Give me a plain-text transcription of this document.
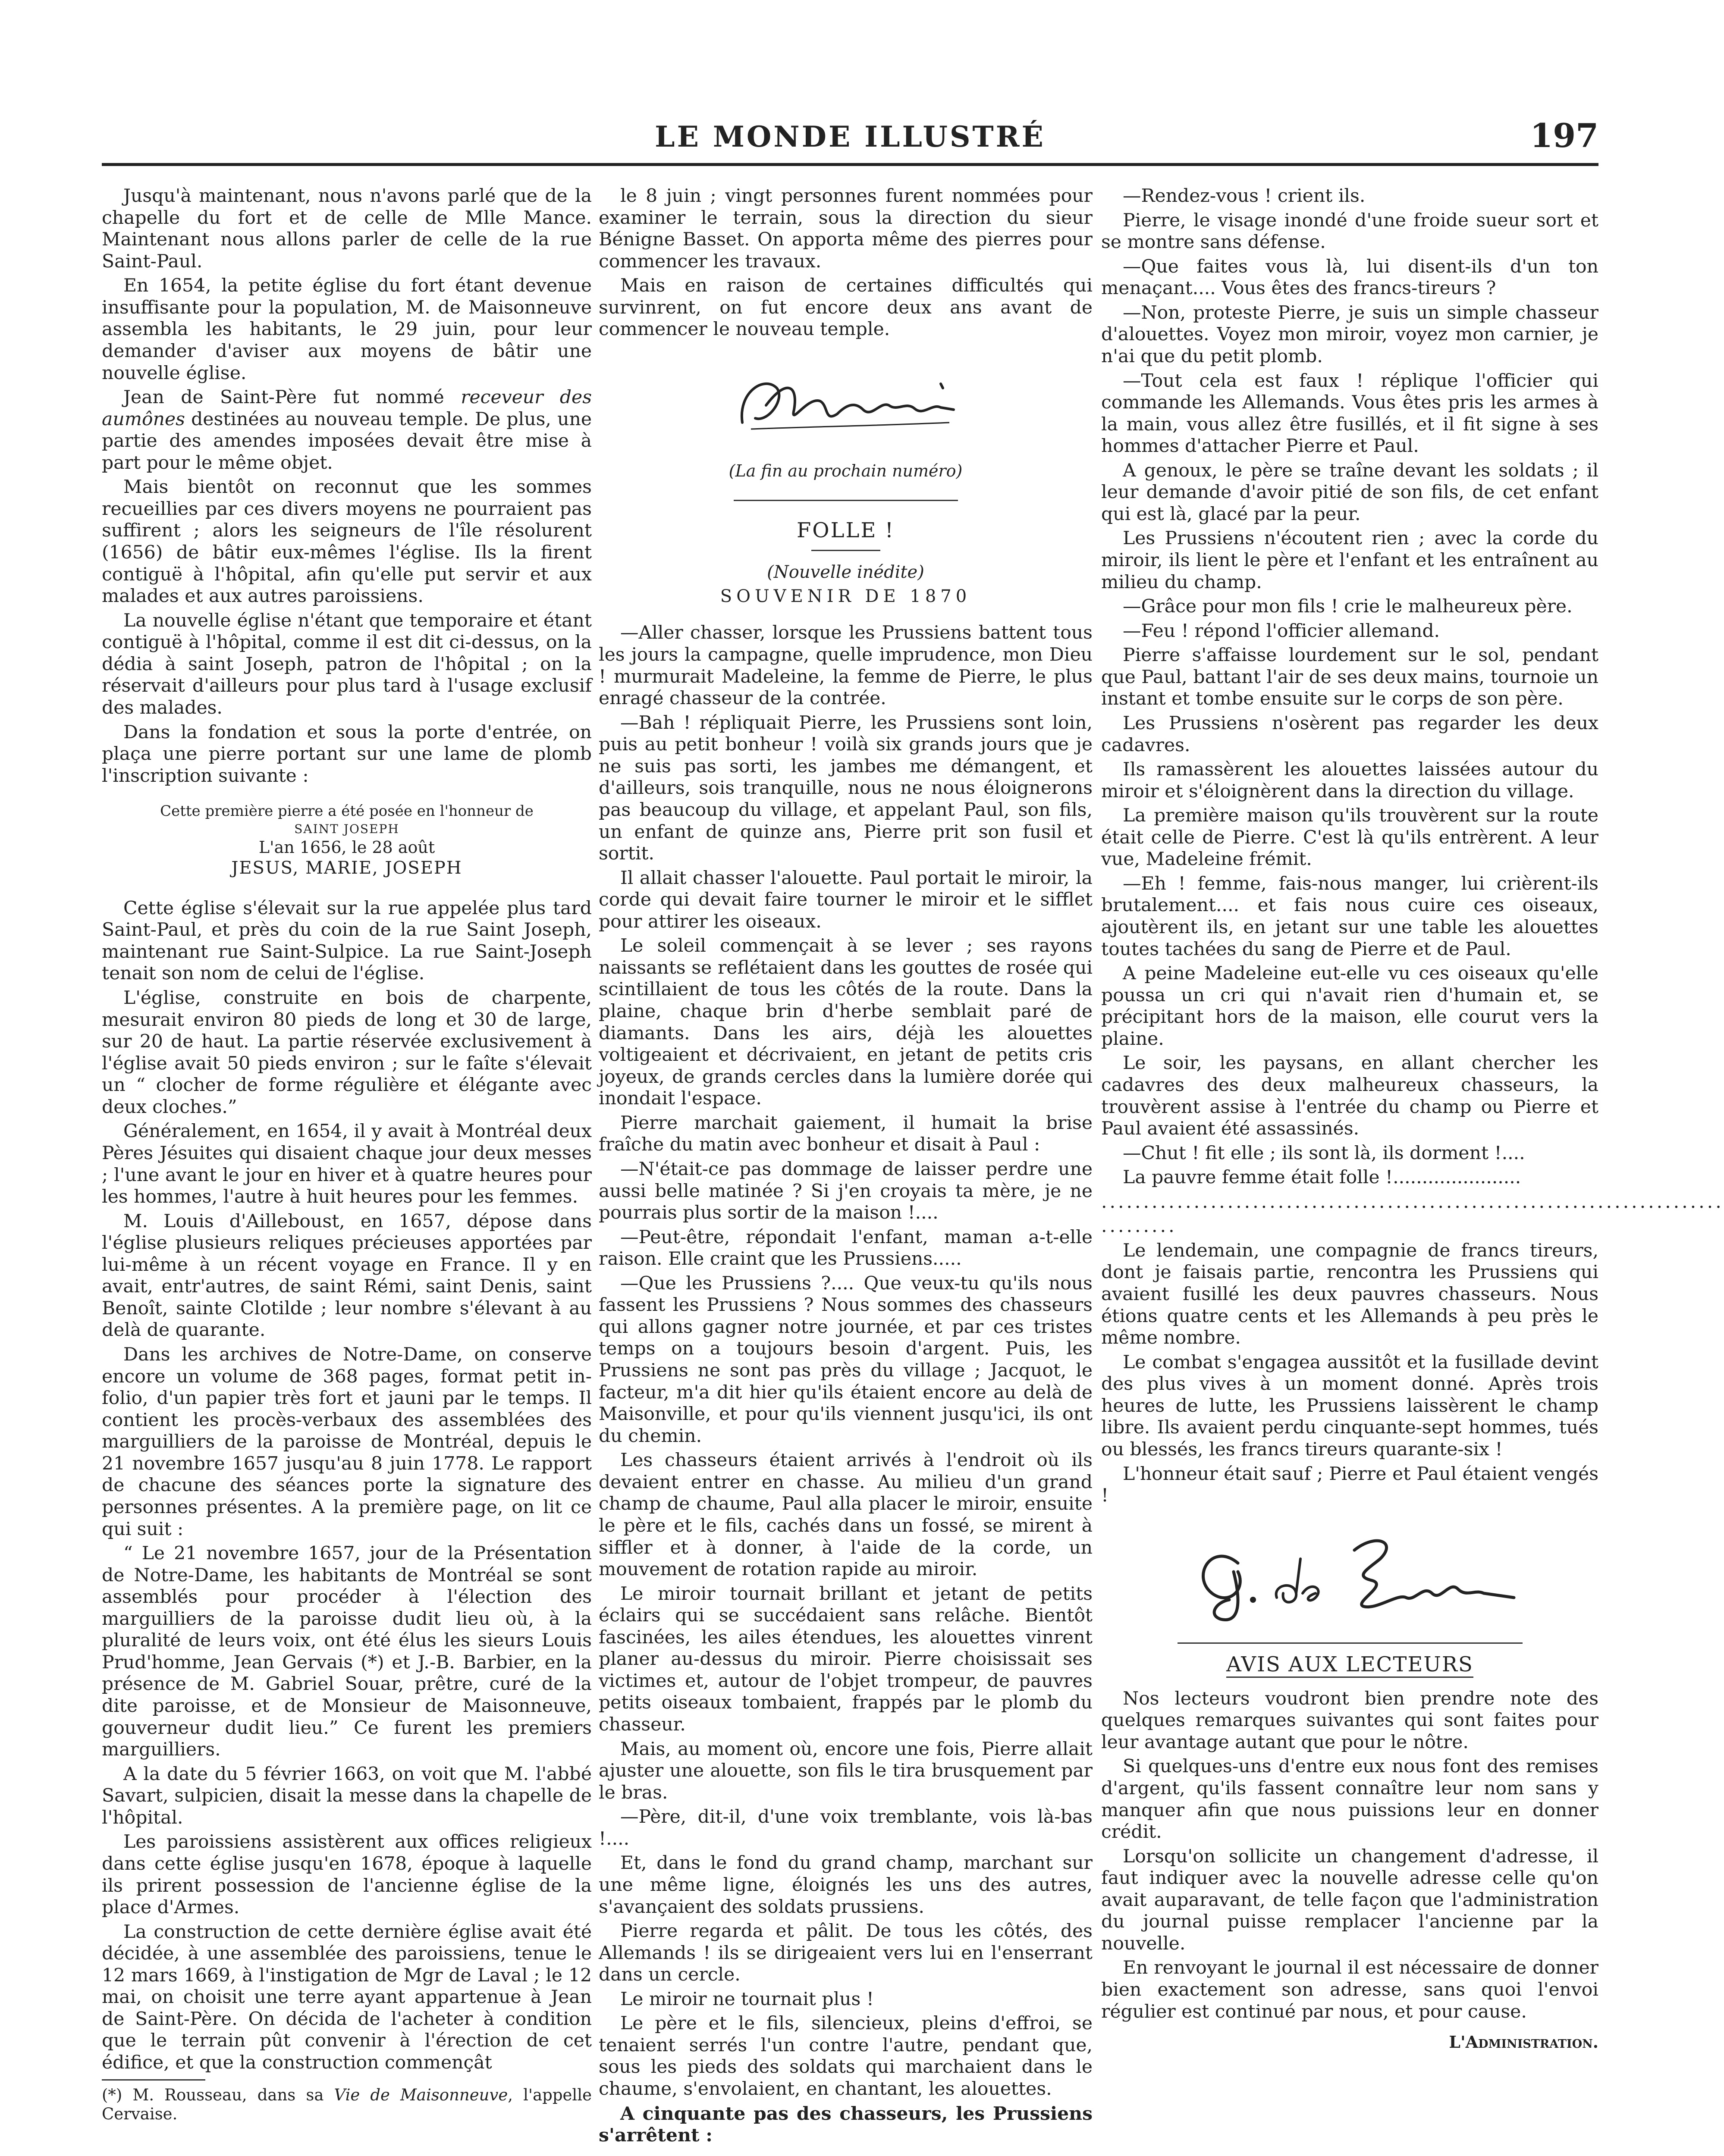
LE MONDE ILLUSTRÉ	197

Jusqu'à maintenant, nous n'avons parlé que de la chapelle du fort et de celle de Mlle Mance. Maintenant nous allons parler de celle de la rue Saint-Paul.

En 1654, la petite église du fort étant devenue insuffisante pour la population, M. de Maisonneuve assembla les habitants, le 29 juin, pour leur demander d'aviser aux moyens de bâtir une nouvelle église.

Jean de Saint-Père fut nommé receveur des aumônes destinées au nouveau temple. De plus, une partie des amendes imposées devait être mise à part pour le même objet.

Mais bientôt on reconnut que les sommes recueillies par ces divers moyens ne pourraient pas suffirent ; alors les seigneurs de l'île résolurent (1656) de bâtir eux-mêmes l'église. Ils la firent contiguë à l'hôpital, afin qu'elle put servir et aux malades et aux autres paroissiens.

La nouvelle église n'étant que temporaire et étant contiguë à l'hôpital, comme il est dit ci-dessus, on la dédia à saint Joseph, patron de l'hôpital ; on la réservait d'ailleurs pour plus tard à l'usage exclusif des malades.

Dans la fondation et sous la porte d'entrée, on plaça une pierre portant sur une lame de plomb l'inscription suivante :

Cette première pierre a été posée en l'honneur de
SAINT JOSEPH
L'an 1656, le 28 août
JESUS, MARIE, JOSEPH

Cette église s'élevait sur la rue appelée plus tard Saint-Paul, et près du coin de la rue Saint Joseph, maintenant rue Saint-Sulpice. La rue Saint-Joseph tenait son nom de celui de l'église.

L'église, construite en bois de charpente, mesurait environ 80 pieds de long et 30 de large, sur 20 de haut. La partie réservée exclusivement à l'église avait 50 pieds environ ; sur le faîte s'élevait un “ clocher de forme régulière et élégante avec deux cloches.”

Généralement, en 1654, il y avait à Montréal deux Pères Jésuites qui disaient chaque jour deux messes ; l'une avant le jour en hiver et à quatre heures pour les hommes, l'autre à huit heures pour les femmes.

M. Louis d'Ailleboust, en 1657, dépose dans l'église plusieurs reliques précieuses apportées par lui-même à un récent voyage en France. Il y en avait, entr'autres, de saint Rémi, saint Denis, saint Benoît, sainte Clotilde ; leur nombre s'élevant à au delà de quarante.

Dans les archives de Notre-Dame, on conserve encore un volume de 368 pages, format petit in-folio, d'un papier très fort et jauni par le temps. Il contient les procès-verbaux des assemblées des marguilliers de la paroisse de Montréal, depuis le 21 novembre 1657 jusqu'au 8 juin 1778. Le rapport de chacune des séances porte la signature des personnes présentes. A la première page, on lit ce qui suit :

“ Le 21 novembre 1657, jour de la Présentation de Notre-Dame, les habitants de Montréal se sont assemblés pour procéder à l'élection des marguilliers de la paroisse dudit lieu où, à la pluralité de leurs voix, ont été élus les sieurs Louis Prud'homme, Jean Gervais (*) et J.-B. Barbier, en la présence de M. Gabriel Souar, prêtre, curé de la dite paroisse, et de Monsieur de Maisonneuve, gouverneur dudit lieu.” Ce furent les premiers marguilliers.

A la date du 5 février 1663, on voit que M. l'abbé Savart, sulpicien, disait la messe dans la chapelle de l'hôpital.

Les paroissiens assistèrent aux offices religieux dans cette église jusqu'en 1678, époque à laquelle ils prirent possession de l'ancienne église de la place d'Armes.

La construction de cette dernière église avait été décidée, à une assemblée des paroissiens, tenue le 12 mars 1669, à l'instigation de Mgr de Laval ; le 12 mai, on choisit une terre ayant appartenue à Jean de Saint-Père. On décida de l'acheter à condition que le terrain pût convenir à l'érection de cet édifice, et que la construction commençât

(*) M. Rousseau, dans sa Vie de Maisonneuve, l'appelle Cervaise.

le 8 juin ; vingt personnes furent nommées pour examiner le terrain, sous la direction du sieur Bénigne Basset. On apporta même des pierres pour commencer les travaux.

Mais en raison de certaines difficultés qui survinrent, on fut encore deux ans avant de commencer le nouveau temple.

(La fin au prochain numéro)
FOLLE !
(Nouvelle inédite)
SOUVENIR DE 1870

—Aller chasser, lorsque les Prussiens battent tous les jours la campagne, quelle imprudence, mon Dieu ! murmurait Madeleine, la femme de Pierre, le plus enragé chasseur de la contrée.

—Bah ! répliquait Pierre, les Prussiens sont loin, puis au petit bonheur ! voilà six grands jours que je ne suis pas sorti, les jambes me démangent, et d'ailleurs, sois tranquille, nous ne nous éloignerons pas beaucoup du village, et appelant Paul, son fils, un enfant de quinze ans, Pierre prit son fusil et sortit.

Il allait chasser l'alouette. Paul portait le miroir, la corde qui devait faire tourner le miroir et le sifflet pour attirer les oiseaux.

Le soleil commençait à se lever ; ses rayons naissants se reflétaient dans les gouttes de rosée qui scintillaient de tous les côtés de la route. Dans la plaine, chaque brin d'herbe semblait paré de diamants. Dans les airs, déjà les alouettes voltigeaient et décrivaient, en jetant de petits cris joyeux, de grands cercles dans la lumière dorée qui inondait l'espace.

Pierre marchait gaiement, il humait la brise fraîche du matin avec bonheur et disait à Paul :

—N'était-ce pas dommage de laisser perdre une aussi belle matinée ? Si j'en croyais ta mère, je ne pourrais plus sortir de la maison !....

—Peut-être, répondait l'enfant, maman a-t-elle raison. Elle craint que les Prussiens.....

—Que les Prussiens ?.... Que veux-tu qu'ils nous fassent les Prussiens ? Nous sommes des chasseurs qui allons gagner notre journée, et par ces tristes temps on a toujours besoin d'argent. Puis, les Prussiens ne sont pas près du village ; Jacquot, le facteur, m'a dit hier qu'ils étaient encore au delà de Maisonville, et pour qu'ils viennent jusqu'ici, ils ont du chemin.

Les chasseurs étaient arrivés à l'endroit où ils devaient entrer en chasse. Au milieu d'un grand champ de chaume, Paul alla placer le miroir, ensuite le père et le fils, cachés dans un fossé, se mirent à siffler et à donner, à l'aide de la corde, un mouvement de rotation rapide au miroir.

Le miroir tournait brillant et jetant de petits éclairs qui se succédaient sans relâche. Bientôt fascinées, les ailes étendues, les alouettes vinrent planer au-dessus du miroir. Pierre choisissait ses victimes et, autour de l'objet trompeur, de pauvres petits oiseaux tombaient, frappés par le plomb du chasseur.

Mais, au moment où, encore une fois, Pierre allait ajuster une alouette, son fils le tira brusquement par le bras.

—Père, dit-il, d'une voix tremblante, vois là-bas !....

Et, dans le fond du grand champ, marchant sur une même ligne, éloignés les uns des autres, s'avançaient des soldats prussiens.

Pierre regarda et pâlit. De tous les côtés, des Allemands ! ils se dirigeaient vers lui en l'enserrant dans un cercle.

Le miroir ne tournait plus !

Le père et le fils, silencieux, pleins d'effroi, se tenaient serrés l'un contre l'autre, pendant que, sous les pieds des soldats qui marchaient dans le chaume, s'envolaient, en chantant, les alouettes.

A cinquante pas des chasseurs, les Prussiens s'arrêtent :

—Rendez-vous ! crient ils.

Pierre, le visage inondé d'une froide sueur sort et se montre sans défense.

—Que faites vous là, lui disent-ils d'un ton menaçant.... Vous êtes des francs-tireurs ?

—Non, proteste Pierre, je suis un simple chasseur d'alouettes. Voyez mon miroir, voyez mon carnier, je n'ai que du petit plomb.

—Tout cela est faux ! réplique l'officier qui commande les Allemands. Vous êtes pris les armes à la main, vous allez être fusillés, et il fit signe à ses hommes d'attacher Pierre et Paul.

A genoux, le père se traîne devant les soldats ; il leur demande d'avoir pitié de son fils, de cet enfant qui est là, glacé par la peur.

Les Prussiens n'écoutent rien ; avec la corde du miroir, ils lient le père et l'enfant et les entraînent au milieu du champ.

—Grâce pour mon fils ! crie le malheureux père.

—Feu ! répond l'officier allemand.

Pierre s'affaisse lourdement sur le sol, pendant que Paul, battant l'air de ses deux mains, tournoie un instant et tombe ensuite sur le corps de son père.

Les Prussiens n'osèrent pas regarder les deux cadavres.

Ils ramassèrent les alouettes laissées autour du miroir et s'éloignèrent dans la direction du village.

La première maison qu'ils trouvèrent sur la route était celle de Pierre. C'est là qu'ils entrèrent. A leur vue, Madeleine frémit.

—Eh ! femme, fais-nous manger, lui crièrent-ils brutalement.... et fais nous cuire ces oiseaux, ajoutèrent ils, en jetant sur une table les alouettes toutes tachées du sang de Pierre et de Paul.

A peine Madeleine eut-elle vu ces oiseaux qu'elle poussa un cri qui n'avait rien d'humain et, se précipitant hors de la maison, elle courut vers la plaine.

Le soir, les paysans, en allant chercher les cadavres des deux malheureux chasseurs, la trouvèrent assise à l'entrée du champ ou Pierre et Paul avaient été assassinés.

—Chut ! fit elle ; ils sont là, ils dorment !....

La pauvre femme était folle !......................

..........................................................................
.........

Le lendemain, une compagnie de francs tireurs, dont je faisais partie, rencontra les Prussiens qui avaient fusillé les deux pauvres chasseurs. Nous étions quatre cents et les Allemands à peu près le même nombre.

Le combat s'engagea aussitôt et la fusillade devint des plus vives à un moment donné. Après trois heures de lutte, les Prussiens laissèrent le champ libre. Ils avaient perdu cinquante-sept hommes, tués ou blessés, les francs tireurs quarante-six !

L'honneur était sauf ; Pierre et Paul étaient vengés !

AVIS AUX LECTEURS

Nos lecteurs voudront bien prendre note des quelques remarques suivantes qui sont faites pour leur avantage autant que pour le nôtre.

Si quelques-uns d'entre eux nous font des remises d'argent, qu'ils fassent connaître leur nom sans y manquer afin que nous puissions leur en donner crédit.

Lorsqu'on sollicite un changement d'adresse, il faut indiquer avec la nouvelle adresse celle qu'on avait auparavant, de telle façon que l'administration du journal puisse remplacer l'ancienne par la nouvelle.

En renvoyant le journal il est nécessaire de donner bien exactement son adresse, sans quoi l'envoi régulier est continué par nous, et pour cause.

L'Administration.
